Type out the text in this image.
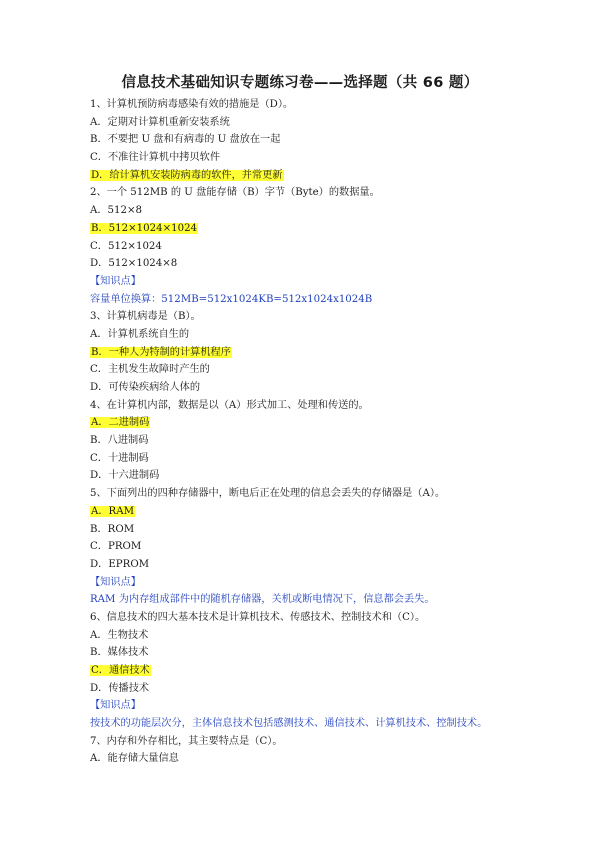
信息技术基础知识专题练习卷——选择题（共 66 题）
1、计算机预防病毒感染有效的措施是（D）。
A．定期对计算机重新安装系统
B．不要把 U 盘和有病毒的 U 盘放在一起
C．不准往计算机中拷贝软件
D．给计算机安装防病毒的软件，并常更新
2、一个 512MB 的 U 盘能存储（B）字节（Byte）的数据量。
A．512×8
B．512×1024×1024
C．512×1024
D．512×1024×8
【知识点】
容量单位换算：512MB=512x1024KB=512x1024x1024B
3、计算机病毒是（B）。
A．计算机系统自生的
B．一种人为特制的计算机程序
C．主机发生故障时产生的
D．可传染疾病给人体的
4、在计算机内部，数据是以（A）形式加工、处理和传送的。
A．二进制码
B．八进制码
C．十进制码
D．十六进制码
5、下面列出的四种存储器中，断电后正在处理的信息会丢失的存储器是（A）。
A．RAM
B．ROM
C．PROM
D．EPROM
【知识点】
RAM 为内存组成部件中的随机存储器，关机或断电情况下，信息都会丢失。
6、信息技术的四大基本技术是计算机技术、传感技术、控制技术和（C）。
A．生物技术
B．媒体技术
C．通信技术
D．传播技术
【知识点】
按技术的功能层次分，主体信息技术包括感测技术、通信技术、计算机技术、控制技术。
7、内存和外存相比，其主要特点是（C）。
A．能存储大量信息
